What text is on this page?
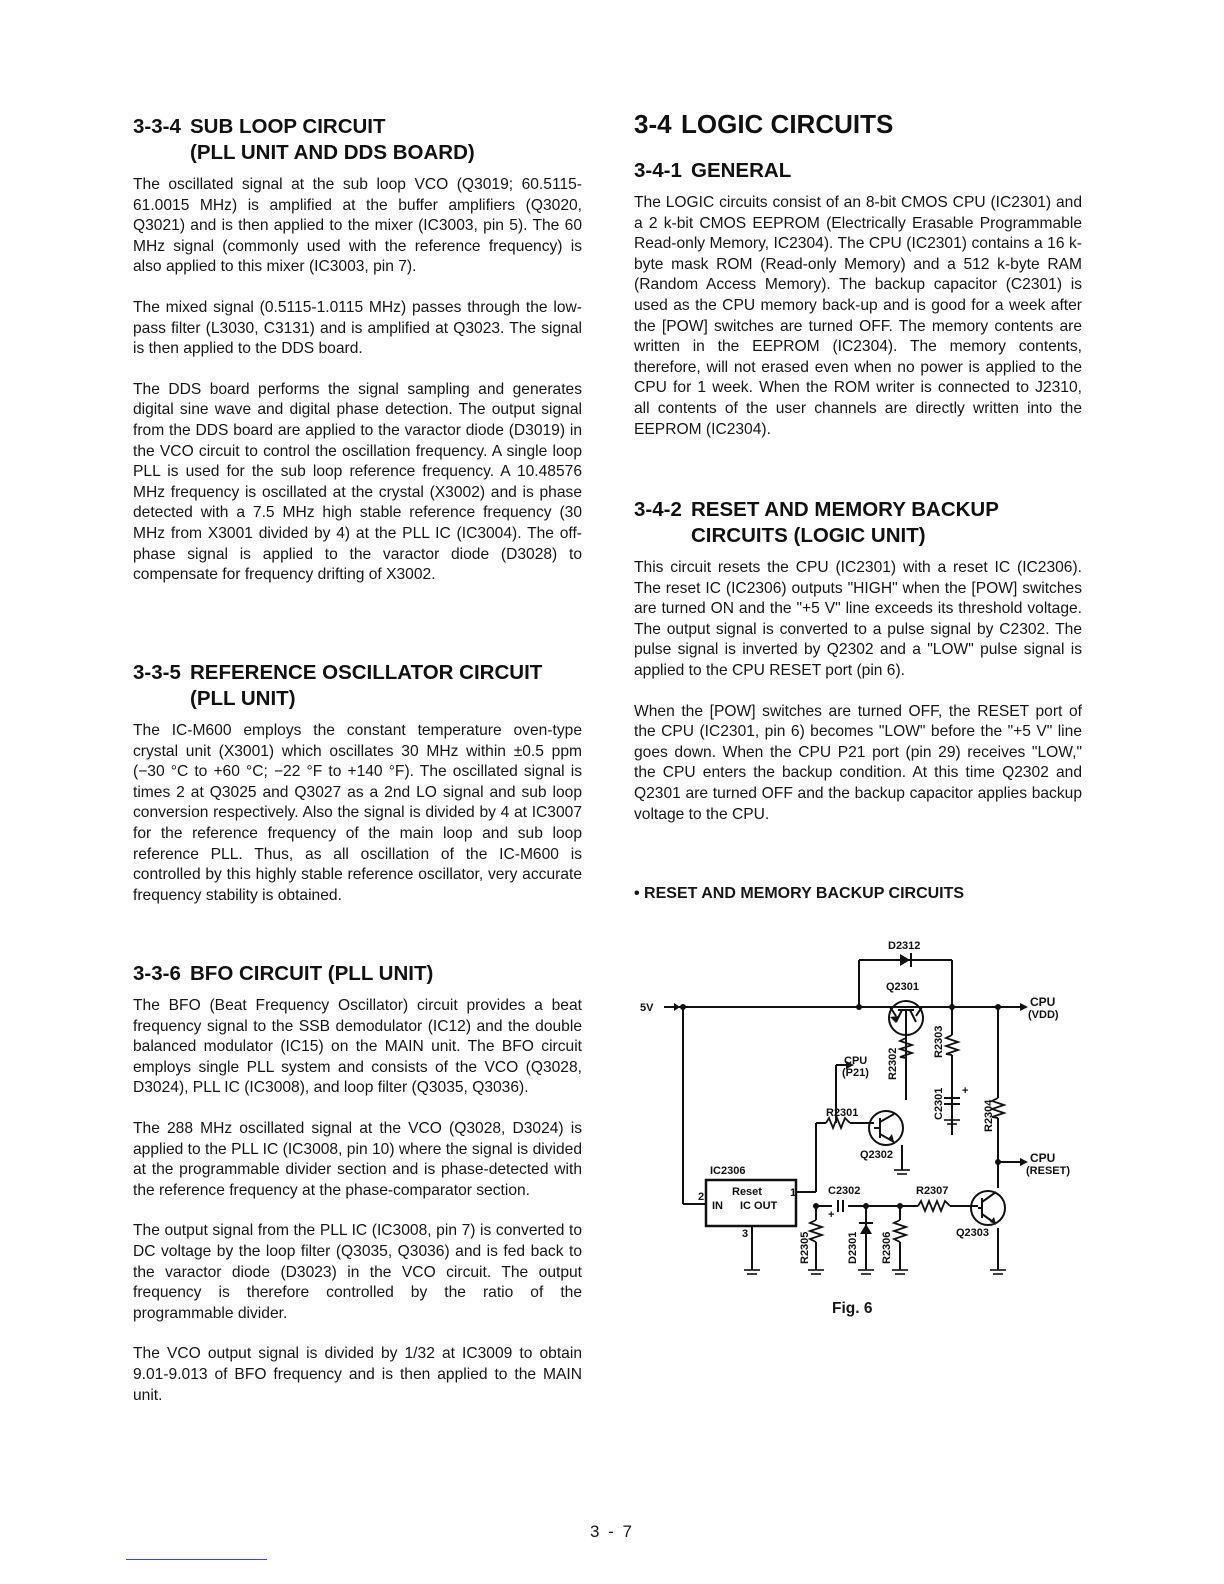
3-3-4 SUB LOOP CIRCUIT
(PLL UNIT AND DDS BOARD)

The oscillated signal at the sub loop VCO (Q3019; 60.5115-61.0015 MHz) is amplified at the buffer amplifiers (Q3020, Q3021) and is then applied to the mixer (IC3003, pin 5). The 60 MHz signal (commonly used with the reference frequency) is also applied to this mixer (IC3003, pin 7).

The mixed signal (0.5115-1.0115 MHz) passes through the low-pass filter (L3030, C3131) and is amplified at Q3023. The signal is then applied to the DDS board.

The DDS board performs the signal sampling and generates digital sine wave and digital phase detection. The output signal from the DDS board are applied to the varactor diode (D3019) in the VCO circuit to control the oscillation frequency. A single loop PLL is used for the sub loop reference frequency. A 10.48576 MHz frequency is oscillated at the crystal (X3002) and is phase detected with a 7.5 MHz high stable reference frequency (30 MHz from X3001 divided by 4) at the PLL IC (IC3004). The off-phase signal is applied to the varactor diode (D3028) to compensate for frequency drifting of X3002.

3-3-5 REFERENCE OSCILLATOR CIRCUIT
(PLL UNIT)

The IC-M600 employs the constant temperature oven-type crystal unit (X3001) which oscillates 30 MHz within ±0.5 ppm (−30 °C to +60 °C; −22 °F to +140 °F). The oscillated signal is times 2 at Q3025 and Q3027 as a 2nd LO signal and sub loop conversion respectively. Also the signal is divided by 4 at IC3007 for the reference frequency of the main loop and sub loop reference PLL. Thus, as all oscillation of the IC-M600 is controlled by this highly stable reference oscillator, very accurate frequency stability is obtained.

3-3-6 BFO CIRCUIT (PLL UNIT)

The BFO (Beat Frequency Oscillator) circuit provides a beat frequency signal to the SSB demodulator (IC12) and the double balanced modulator (IC15) on the MAIN unit. The BFO circuit employs single PLL system and consists of the VCO (Q3028, D3024), PLL IC (IC3008), and loop filter (Q3035, Q3036).

The 288 MHz oscillated signal at the VCO (Q3028, D3024) is applied to the PLL IC (IC3008, pin 10) where the signal is divided at the programmable divider section and is phase-detected with the reference frequency at the phase-comparator section.

The output signal from the PLL IC (IC3008, pin 7) is converted to DC voltage by the loop filter (Q3035, Q3036) and is fed back to the varactor diode (D3023) in the VCO circuit. The output frequency is therefore controlled by the ratio of the programmable divider.

The VCO output signal is divided by 1/32 at IC3009 to obtain 9.01-9.013 of BFO frequency and is then applied to the MAIN unit.

3-4 LOGIC CIRCUITS
3-4-1 GENERAL

The LOGIC circuits consist of an 8-bit CMOS CPU (IC2301) and a 2 k-bit CMOS EEPROM (Electrically Erasable Programmable Read-only Memory, IC2304). The CPU (IC2301) contains a 16 k-byte mask ROM (Read-only Memory) and a 512 k-byte RAM (Random Access Memory). The backup capacitor (C2301) is used as the CPU memory back-up and is good for a week after the [POW] switches are turned OFF. The memory contents are written in the EEPROM (IC2304). The memory contents, therefore, will not erased even when no power is applied to the CPU for 1 week. When the ROM writer is connected to J2310, all contents of the user channels are directly written into the EEPROM (IC2304).

3-4-2 RESET AND MEMORY BACKUP
CIRCUITS (LOGIC UNIT)

This circuit resets the CPU (IC2301) with a reset IC (IC2306). The reset IC (IC2306) outputs "HIGH" when the [POW] switches are turned ON and the "+5 V" line exceeds its threshold voltage. The output signal is converted to a pulse signal by C2302. The pulse signal is inverted by Q2302 and a "LOW" pulse signal is applied to the CPU RESET port (pin 6).

When the [POW] switches are turned OFF, the RESET port of the CPU (IC2301, pin 6) becomes "LOW" before the "+5 V" line goes down. When the CPU P21 port (pin 29) receives "LOW," the CPU enters the backup condition. At this time Q2302 and Q2301 are turned OFF and the backup capacitor applies backup voltage to the CPU.

• RESET AND MEMORY BACKUP CIRCUITS
D2312
Q2301
5V	CPU
(VDD)
CPU
(P21) R2302
R2303
C2301 +
R2304
R2301
Q2302	CPU
(RESET)
IC2306
Reset
IN IC OUT
2	1
3
C2302
+
R2307
R2305	D2301 R2306	Q2303
Fig. 6
3 - 7
